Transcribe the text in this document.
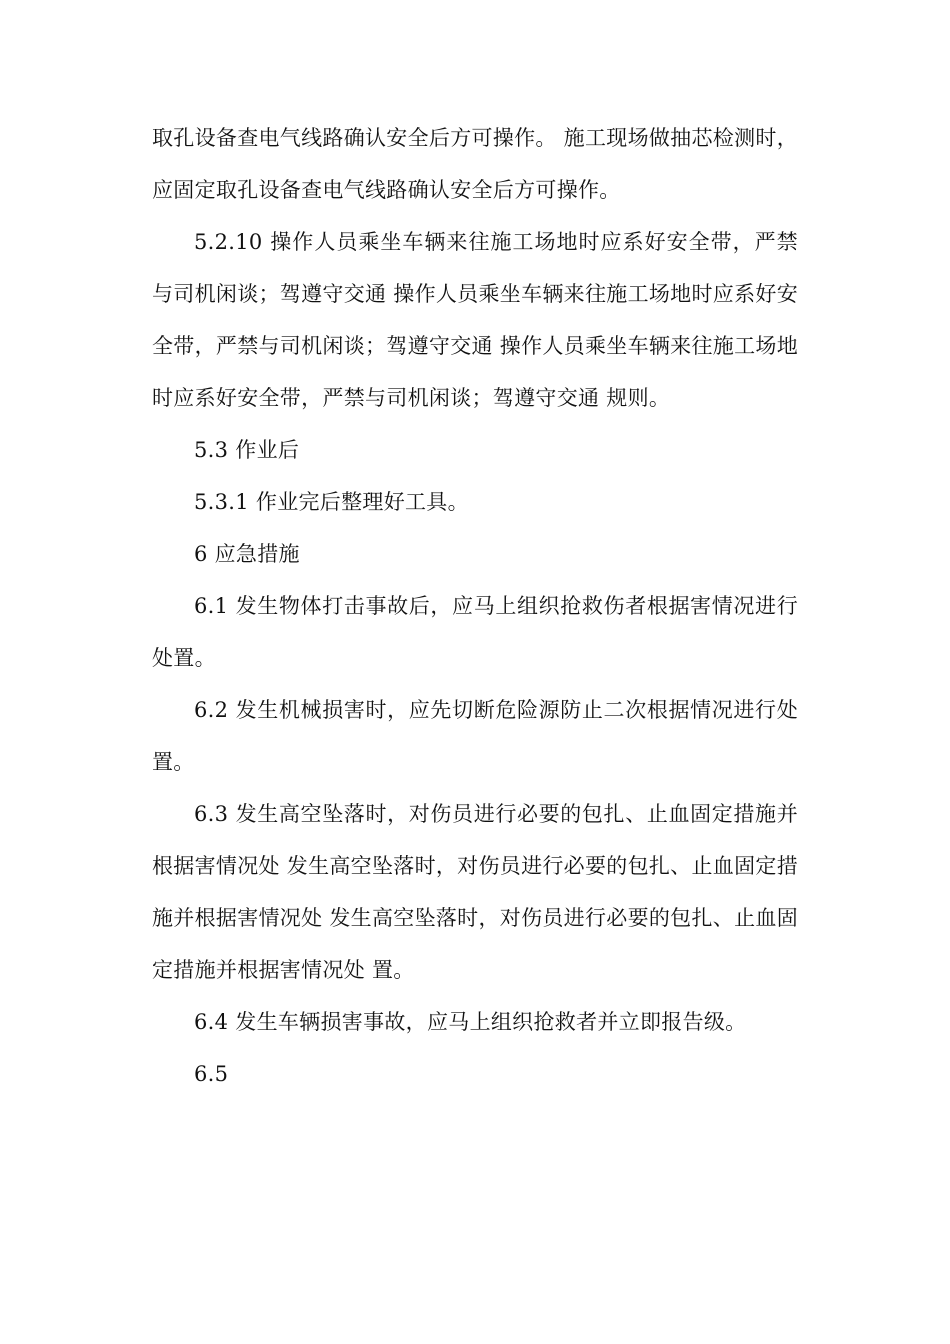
取孔设备查电气线路确认安全后方可操作。 施工现场做抽芯检测时，应固定取孔设备查电气线路确认安全后方可操作。

5.2.10 操作人员乘坐车辆来往施工场地时应系好安全带，严禁与司机闲谈；驾遵守交通 操作人员乘坐车辆来往施工场地时应系好安全带，严禁与司机闲谈；驾遵守交通 操作人员乘坐车辆来往施工场地时应系好安全带，严禁与司机闲谈；驾遵守交通 规则。

5.3 作业后

5.3.1 作业完后整理好工具。

6 应急措施

6.1 发生物体打击事故后，应马上组织抢救伤者根据害情况进行处置。

6.2 发生机械损害时，应先切断危险源防止二次根据情况进行处置。

6.3 发生高空坠落时，对伤员进行必要的包扎、止血固定措施并根据害情况处 发生高空坠落时，对伤员进行必要的包扎、止血固定措施并根据害情况处 发生高空坠落时，对伤员进行必要的包扎、止血固定措施并根据害情况处 置。

6.4 发生车辆损害事故，应马上组织抢救者并立即报告级。

6.5
